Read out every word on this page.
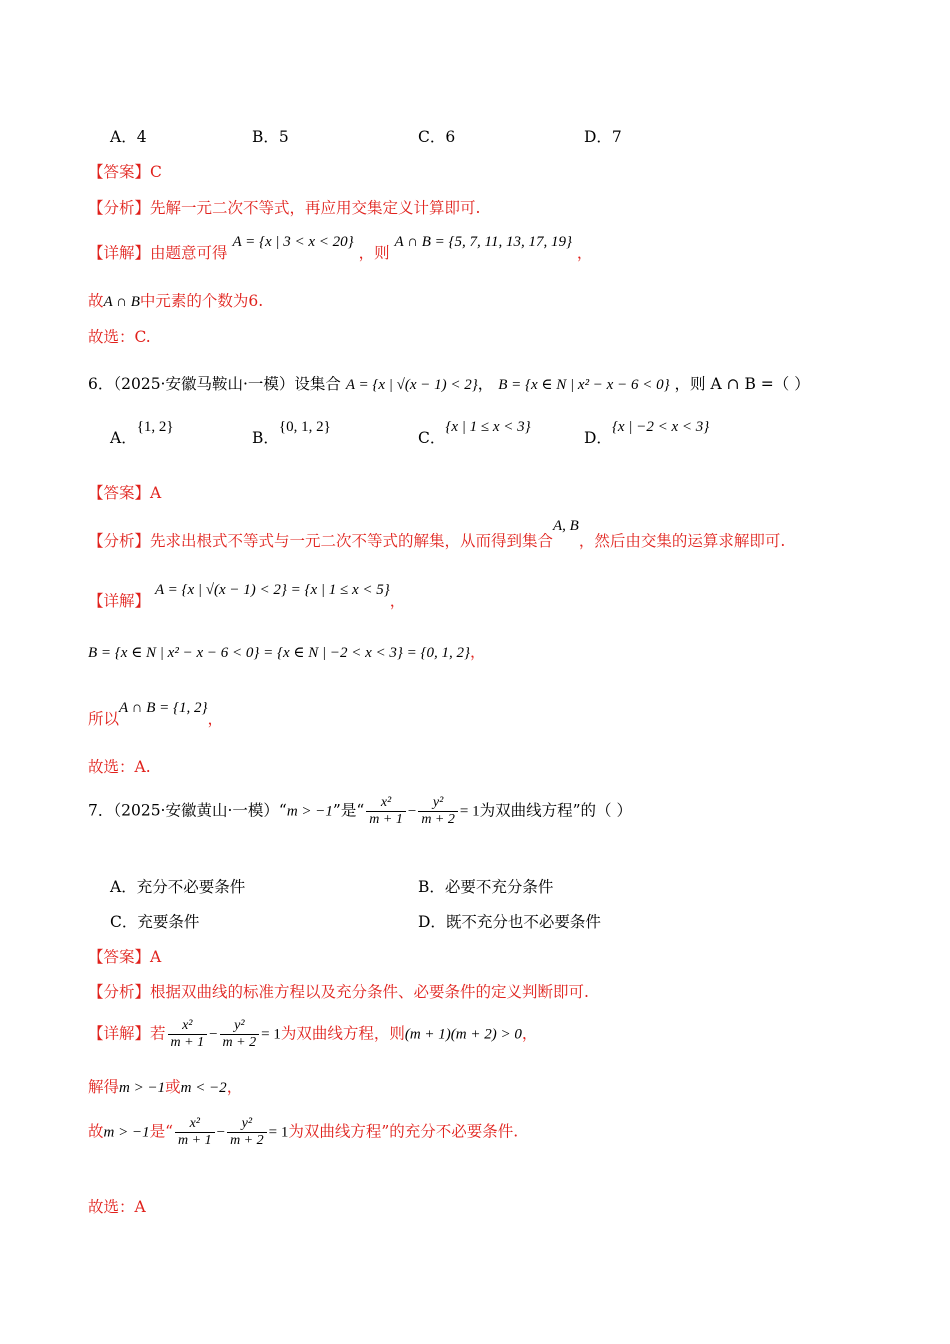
A．4	B．5	C．6	D．7
【答案】C
【分析】先解一元二次不等式，再应用交集定义计算即可.
【详解】由题意可得 A = {x | 3 < x < 20} ，则 A ∩ B = {5, 7, 11, 13, 17, 19} ，
故A ∩ B中元素的个数为6.
故选：C.
6．（2025·安徽马鞍山·一模）设集合 A = {x | √(x − 1) < 2}， B = {x ∈ N | x² − x − 6 < 0} ，则 A ∩ B =（ ）
A．{1, 2}
B．{0, 1, 2}
C．{x | 1 ≤ x < 3}
D．{x | −2 < x < 3}
【答案】A
【分析】先求出根式不等式与一元二次不等式的解集，从而得到集合A, B，然后由交集的运算求解即可.
【详解】 A = {x | √(x − 1) < 2} = {x | 1 ≤ x < 5}，
B = {x ∈ N | x² − x − 6 < 0} = {x ∈ N | −2 < x < 3} = {0, 1, 2}，
所以A ∩ B = {1, 2}，
故选：A.
7．（2025·安徽黄山·一模）“m > −1”是“ $\frac{\text{x²}}{m + 1} - \frac{\text{y²}}{m + 2} = 1$为双曲线方程”的（ ）
A．充分不必要条件	B．必要不充分条件
C．充要条件	D．既不充分也不必要条件
【答案】A
【分析】根据双曲线的标准方程以及充分条件、必要条件的定义判断即可.
【详解】若 $\frac{\text{x²}}{m + 1} - \frac{\text{y²}}{m + 2} = 1$为双曲线方程，则(m + 1)(m + 2) > 0，
解得m > −1或m < −2，
故m > −1是“ $\frac{\text{x²}}{m + 1} - \frac{\text{y²}}{m + 2} = 1$为双曲线方程”的充分不必要条件.
故选：A
